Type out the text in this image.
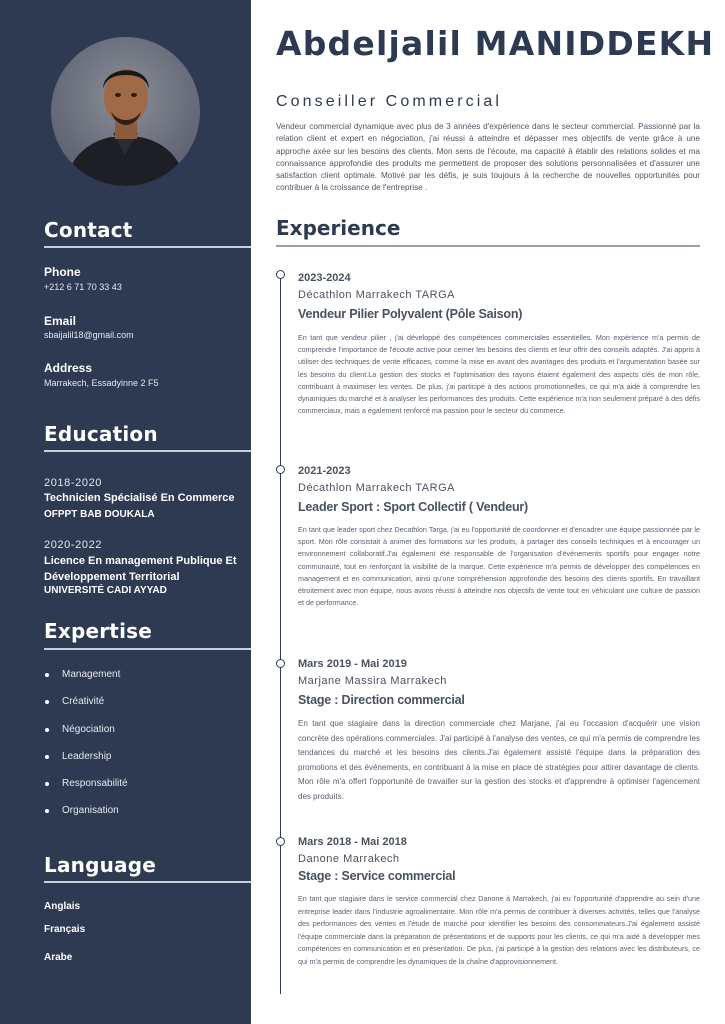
Contact
Phone
+212 6 71 70 33 43
Email
sbaijalil18@gmail.com
Address
Marrakech, Essadyinne 2 F5
Education
2018-2020
Technicien Spécialisé En Commerce
OFPPT BAB DOUKALA
2020-2022
Licence En management Publique Et Développement Territorial
UNIVERSITÉ CADI AYYAD
Expertise
Management
Créativité
Négociation
Leadership
Responsabilité
Organisation
Language
Anglais
Français
Arabe
Abdeljalil MANIDDEKH
Conseiller Commercial

Vendeur commercial dynamique avec plus de 3 années d'expérience dans le secteur commercial. Passionné par la relation client et expert en négociation, j'ai réussi à atteindre et dépasser mes objectifs de vente grâce à une approche axée sur les besoins des clients. Mon sens de l'écoute, ma capacité à établir des relations solides et ma connaissance approfondie des produits me permettent de proposer des solutions personnalisées et d'assurer une satisfaction client optimale. Motivé par les défis, je suis toujours à la recherche de nouvelles opportunités pour contribuer à la croissance de l'entreprise .

Experience
2023-2024
Décathlon Marrakech TARGA
Vendeur Pilier Polyvalent (Pôle Saison)

En tant que vendeur pilier , j'ai développé des compétences commerciales essentielles. Mon expérience m'a permis de comprendre l'importance de l'écoute active pour cerner les besoins des clients et leur offrir des conseils adaptés. J'ai appris à utiliser des techniques de vente efficaces, comme la mise en avant des avantages des produits et l'argumentation basée sur les besoins du client.La gestion des stocks et l'optimisation des rayons étaient également des aspects clés de mon rôle, contribuant à maximiser les ventes. De plus, j'ai participé à des actions promotionnelles, ce qui m'a aidé à comprendre les dynamiques du marché et à analyser les performances des produits. Cette expérience m'a non seulement préparé à des défis commerciaux, mais a également renforcé ma passion pour le secteur du commerce.

2021-2023
Décathlon Marrakech TARGA
Leader Sport : Sport Collectif ( Vendeur)

En tant que leader sport chez Decathlon Targa, j'ai eu l'opportunité de coordonner et d'encadrer une équipe passionnée par le sport. Mon rôle consistait à animer des formations sur les produits, à partager des conseils techniques et à encourager un environnement collaboratif.J'ai également été responsable de l'organisation d'événements sportifs pour engager notre communauté, tout en renforçant la visibilité de la marque. Cette expérience m'a permis de développer des compétences en management et en communication, ainsi qu'une compréhension approfondie des besoins des clients sportifs. En travaillant étroitement avec mon équipe, nous avons réussi à atteindre nos objectifs de vente tout en véhiculant une culture de passion et de performance.

Mars 2019 - Mai 2019
Marjane Massira Marrakech
Stage : Direction commercial

En tant que stagiaire dans la direction commerciale chez Marjane, j'ai eu l'occasion d'acquérir une vision concrète des opérations commerciales. J'ai participé à l'analyse des ventes, ce qui m'a permis de comprendre les tendances du marché et les besoins des clients.J'ai également assisté l'équipe dans la préparation des promotions et des événements, en contribuant à la mise en place de stratégies pour attirer davantage de clients. Mon rôle m'a offert l'opportunité de travailler sur la gestion des stocks et d'apprendre à optimiser l'agencement des produits.

Mars 2018 - Mai 2018
Danone Marrakech
Stage : Service commercial

En tant que stagiaire dans le service commercial chez Danone à Marrakech, j'ai eu l'opportunité d'apprendre au sein d'une entreprise leader dans l'industrie agroalimentaire. Mon rôle m'a permis de contribuer à diverses activités, telles que l'analyse des performances des ventes et l'étude de marché pour identifier les besoins des consommateurs.J'ai également assisté l'équipe commerciale dans la préparation de présentations et de supports pour les clients, ce qui m'a aidé à développer mes compétences en communication et en présentation. De plus, j'ai participé à la gestion des relations avec les distributeurs, ce qui m'a permis de comprendre les dynamiques de la chaîne d'approvisionnement.
